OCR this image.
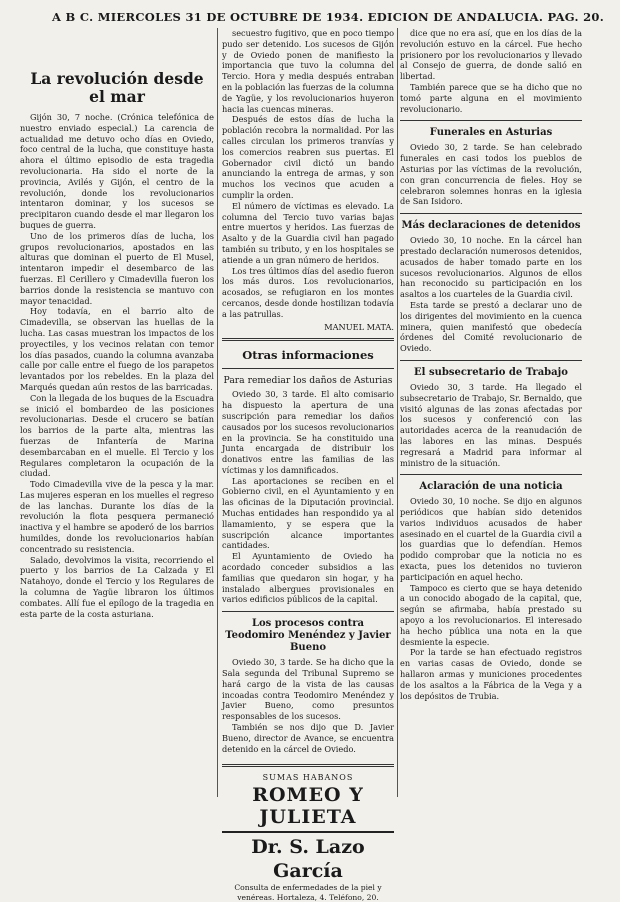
A B C. MIERCOLES 31 DE OCTUBRE DE 1934. EDICION DE ANDALUCIA. PAG. 20.
La revolución desde el mar

Gijón 30, 7 noche. (Crónica telefónica de nuestro enviado especial.) La carencia de actualidad me detuvo ocho días en Oviedo, foco central de la lucha, que constituye hasta ahora el último episodio de esta tragedia revolucionaria. Ha sido el norte de la provincia, Avilés y Gijón, el centro de la revolución, donde los revolucionarios intentaron dominar, y los sucesos se precipitaron cuando desde el mar llegaron los buques de guerra.

Uno de los primeros días de lucha, los grupos revolucionarios, apostados en las alturas que dominan el puerto de El Musel, intentaron impedir el desembarco de las fuerzas. El Cerillero y Cimadevilla fueron los barrios donde la resistencia se mantuvo con mayor tenacidad.

Hoy todavía, en el barrio alto de Cimadevilla, se observan las huellas de la lucha. Las casas muestran los impactos de los proyectiles, y los vecinos relatan con temor los días pasados, cuando la columna avanzaba calle por calle entre el fuego de los parapetos levantados por los rebeldes. En la plaza del Marqués quedan aún restos de las barricadas.

Con la llegada de los buques de la Escuadra se inició el bombardeo de las posiciones revolucionarias. Desde el crucero se batían los barrios de la parte alta, mientras las fuerzas de Infantería de Marina desembarcaban en el muelle. El Tercio y los Regulares completaron la ocupación de la ciudad.

Todo Cimadevilla vive de la pesca y la mar. Las mujeres esperan en los muelles el regreso de las lanchas. Durante los días de la revolución la flota pesquera permaneció inactiva y el hambre se apoderó de los barrios humildes, donde los revolucionarios habían concentrado su resistencia.

Salado, devolvimos la visita, recorriendo el puerto y los barrios de La Calzada y El Natahoyo, donde el Tercio y los Regulares de la columna de Yagüe libraron los últimos combates. Allí fue el epílogo de la tragedia en esta parte de la costa asturiana.

secuestro fugitivo, que en poco tiempo pudo ser detenido. Los sucesos de Gijón y de Oviedo ponen de manifiesto la importancia que tuvo la columna del Tercio. Hora y media después entraban en la población las fuerzas de la columna de Yagüe, y los revolucionarios huyeron hacia las cuencas mineras.

Después de estos días de lucha la población recobra la normalidad. Por las calles circulan los primeros tranvías y los comercios reabren sus puertas. El Gobernador civil dictó un bando anunciando la entrega de armas, y son muchos los vecinos que acuden a cumplir la orden.

El número de víctimas es elevado. La columna del Tercio tuvo varias bajas entre muertos y heridos. Las fuerzas de Asalto y de la Guardia civil han pagado también su tributo, y en los hospitales se atiende a un gran número de heridos.

Los tres últimos días del asedio fueron los más duros. Los revolucionarios, acosados, se refugiaron en los montes cercanos, desde donde hostilizan todavía a las patrullas.

MANUEL MATA.
Otras informaciones
Para remediar los daños de Asturias

Oviedo 30, 3 tarde. El alto comisario ha dispuesto la apertura de una suscripción para remediar los daños causados por los sucesos revolucionarios en la provincia. Se ha constituido una Junta encargada de distribuir los donativos entre las familias de las víctimas y los damnificados.

Las aportaciones se reciben en el Gobierno civil, en el Ayuntamiento y en las oficinas de la Diputación provincial. Muchas entidades han respondido ya al llamamiento, y se espera que la suscripción alcance importantes cantidades.

El Ayuntamiento de Oviedo ha acordado conceder subsidios a las familias que quedaron sin hogar, y ha instalado albergues provisionales en varios edificios públicos de la capital.

Los procesos contra Teodomiro Menéndez y Javier Bueno

Oviedo 30, 3 tarde. Se ha dicho que la Sala segunda del Tribunal Supremo se hará cargo de la vista de las causas incoadas contra Teodomiro Menéndez y Javier Bueno, como presuntos responsables de los sucesos.

También se nos dijo que D. Javier Bueno, director de Avance, se encuentra detenido en la cárcel de Oviedo.

SUMAS HABANOS
ROMEO Y JULIETA
Dr. S. Lazo García
Consulta de enfermedades de la piel y venéreas. Hortaleza, 4. Teléfono, 20.

dice que no era así, que en los días de la revolución estuvo en la cárcel. Fue hecho prisionero por los revolucionarios y llevado al Consejo de guerra, de donde salió en libertad.

También parece que se ha dicho que no tomó parte alguna en el movimiento revolucionario.

Funerales en Asturias

Oviedo 30, 2 tarde. Se han celebrado funerales en casi todos los pueblos de Asturias por las víctimas de la revolución, con gran concurrencia de fieles. Hoy se celebraron solemnes honras en la iglesia de San Isidoro.

Más declaraciones de detenidos

Oviedo 30, 10 noche. En la cárcel han prestado declaración numerosos detenidos, acusados de haber tomado parte en los sucesos revolucionarios. Algunos de ellos han reconocido su participación en los asaltos a los cuarteles de la Guardia civil.

Esta tarde se prestó a declarar uno de los dirigentes del movimiento en la cuenca minera, quien manifestó que obedecía órdenes del Comité revolucionario de Oviedo.

El subsecretario de Trabajo

Oviedo 30, 3 tarde. Ha llegado el subsecretario de Trabajo, Sr. Bernaldo, que visitó algunas de las zonas afectadas por los sucesos y conferenció con las autoridades acerca de la reanudación de las labores en las minas. Después regresará a Madrid para informar al ministro de la situación.

Aclaración de una noticia

Oviedo 30, 10 noche. Se dijo en algunos periódicos que habían sido detenidos varios individuos acusados de haber asesinado en el cuartel de la Guardia civil a los guardias que lo defendían. Hemos podido comprobar que la noticia no es exacta, pues los detenidos no tuvieron participación en aquel hecho.

Tampoco es cierto que se haya detenido a un conocido abogado de la capital, que, según se afirmaba, había prestado su apoyo a los revolucionarios. El interesado ha hecho pública una nota en la que desmiente la especie.

Por la tarde se han efectuado registros en varias casas de Oviedo, donde se hallaron armas y municiones procedentes de los asaltos a la Fábrica de la Vega y a los depósitos de Trubia.
